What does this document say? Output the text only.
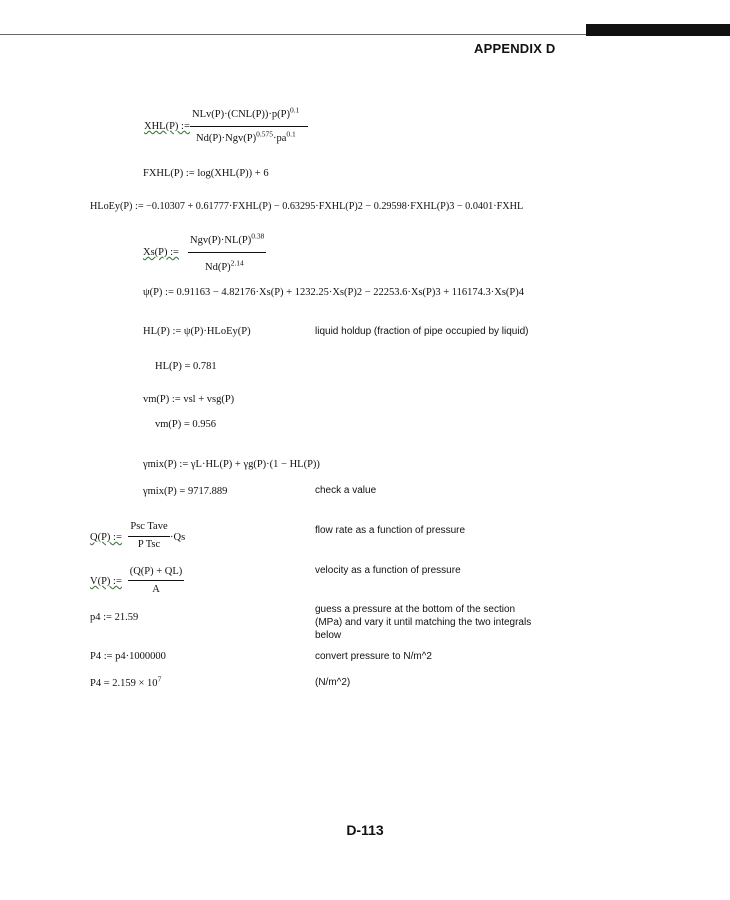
APPENDIX D
XHL(P) :=
$NLv(P)\cdot(CNL(P))\cdot p(P)^{0.1}$
$Nd(P)\cdot Ngv(P)^{0.575}\cdot pa^{0.1}$
FXHL(P) := log(XHL(P)) + 6
HLoEy(P) := −0.10307 + 0.61777·FXHL(P) − 0.63295·FXHL(P)2 − 0.29598·FXHL(P)3 − 0.0401·FXHL
Xs(P) :=
$Ngv(P)\cdot NL(P)^{0.38}$
$Nd(P)^{2.14}$
ψ(P) := 0.91163 − 4.82176·Xs(P) + 1232.25·Xs(P)2 − 22253.6·Xs(P)3 + 116174.3·Xs(P)4
HL(P) := ψ(P)·HLoEy(P)	liquid holdup (fraction of pipe occupied by liquid)
HL(P) = 0.781
vm(P) := vsl + vsg(P)
vm(P) = 0.956
γmix(P) := γL·HL(P) + γg(P)·(1 − HL(P))
γmix(P) = 9717.889	check a value
Q(P) :=
Psc Tave
P Tsc
·Qs
flow rate as a function of pressure
V(P) :=
(Q(P) + QL)
A
velocity as a function of pressure
p4 := 21.59
guess a pressure at the bottom of the section
(MPa) and vary it until matching the two integrals
below
P4 := p4·1000000	convert pressure to N/m^2
$P4 = 2.159 \times 10^7$	(N/m^2)
D-113
